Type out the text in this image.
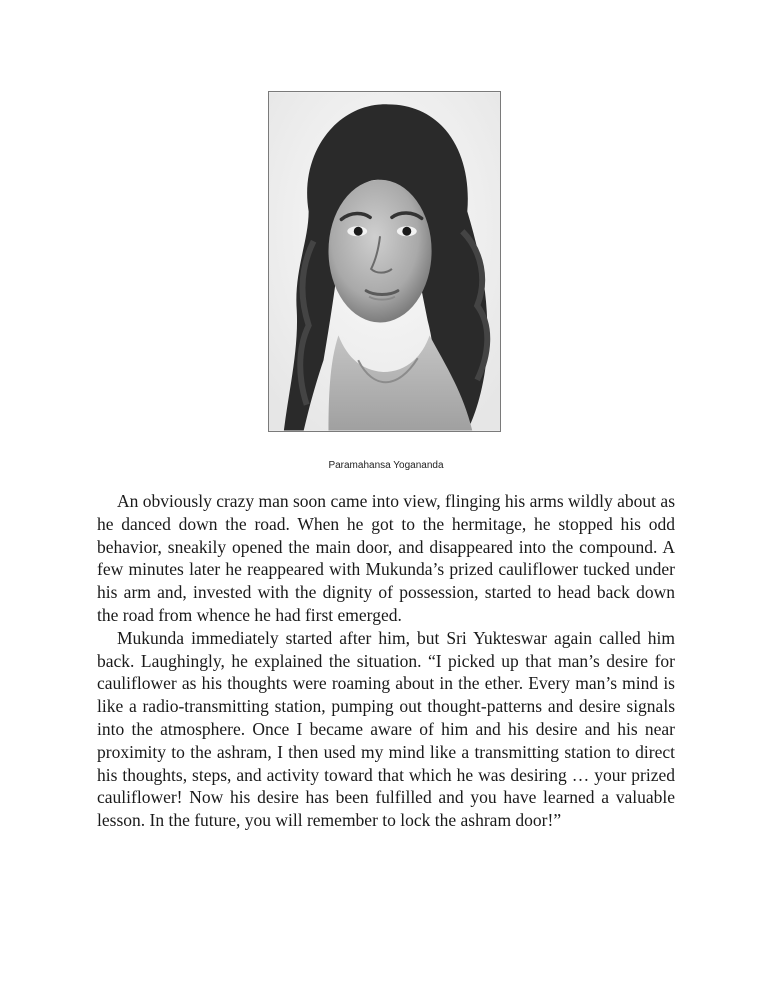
Paramahansa Yogananda

An obviously crazy man soon came into view, flinging his arms wildly about as he danced down the road. When he got to the hermitage, he stopped his odd behavior, sneakily opened the main door, and disappeared into the compound. A few minutes later he reappeared with Mukunda’s prized cauliflower tucked under his arm and, invested with the dignity of possession, started to head back down the road from whence he had first emerged.

Mukunda immediately started after him, but Sri Yukteswar again called him back. Laughingly, he explained the situation. “I picked up that man’s desire for cauliflower as his thoughts were roaming about in the ether. Every man’s mind is like a radio-transmitting station, pumping out thought-patterns and desire signals into the atmosphere. Once I became aware of him and his desire and his near proximity to the ashram, I then used my mind like a transmitting station to direct his thoughts, steps, and activity toward that which he was desiring … your prized cauliflower! Now his desire has been fulfilled and you have learned a valuable lesson. In the future, you will remember to lock the ashram door!”
